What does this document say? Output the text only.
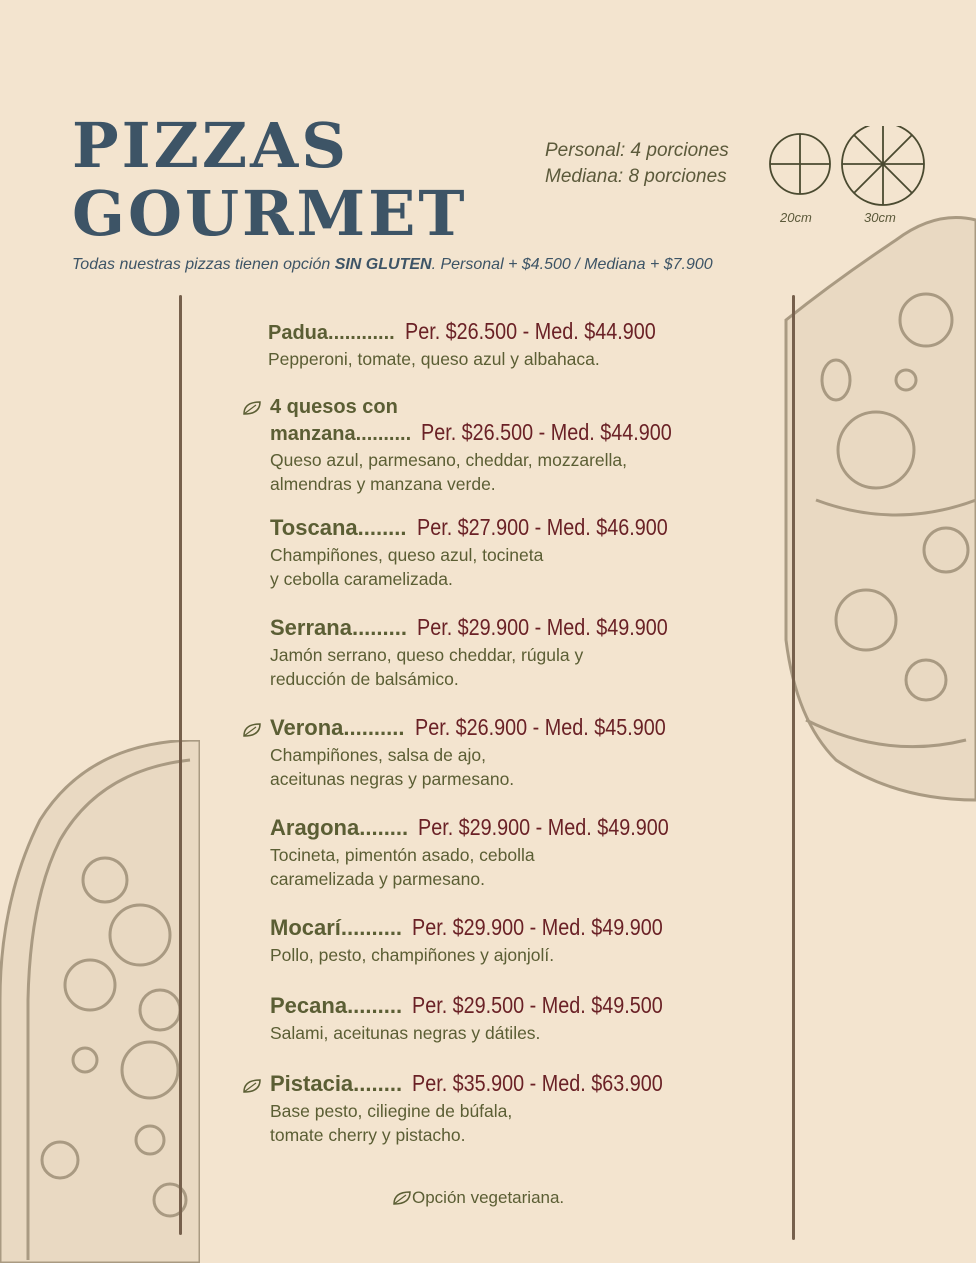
PIZZAS
GOURMET
Personal: 4 porciones
Mediana: 8 porciones
20cm	30cm
Todas nuestras pizzas tienen opción SIN GLUTEN. Personal + $4.500 / Mediana + $7.900
Padua ............ Per. $26.500 - Med. $44.900
Pepperoni, tomate, queso azul y albahaca.
4 quesos con
manzana .......... Per. $26.500 - Med. $44.900
Queso azul, parmesano, cheddar, mozzarella,
almendras y manzana verde.
Toscana ........ Per. $27.900 - Med. $46.900
Champiñones, queso azul, tocineta
y cebolla caramelizada.
Serrana ......... Per. $29.900 - Med. $49.900
Jamón serrano, queso cheddar, rúgula y
reducción de balsámico.
Verona .......... Per. $26.900 - Med. $45.900
Champiñones, salsa de ajo,
aceitunas negras y parmesano.
Aragona ........ Per. $29.900 - Med. $49.900
Tocineta, pimentón asado, cebolla
caramelizada y parmesano.
Mocarí .......... Per. $29.900 - Med. $49.900
Pollo, pesto, champiñones y ajonjolí.
Pecana ......... Per. $29.500 - Med. $49.500
Salami, aceitunas negras y dátiles.
Pistacia ........ Per. $35.900 - Med. $63.900
Base pesto, ciliegine de búfala,
tomate cherry y pistacho.
Opción vegetariana.
